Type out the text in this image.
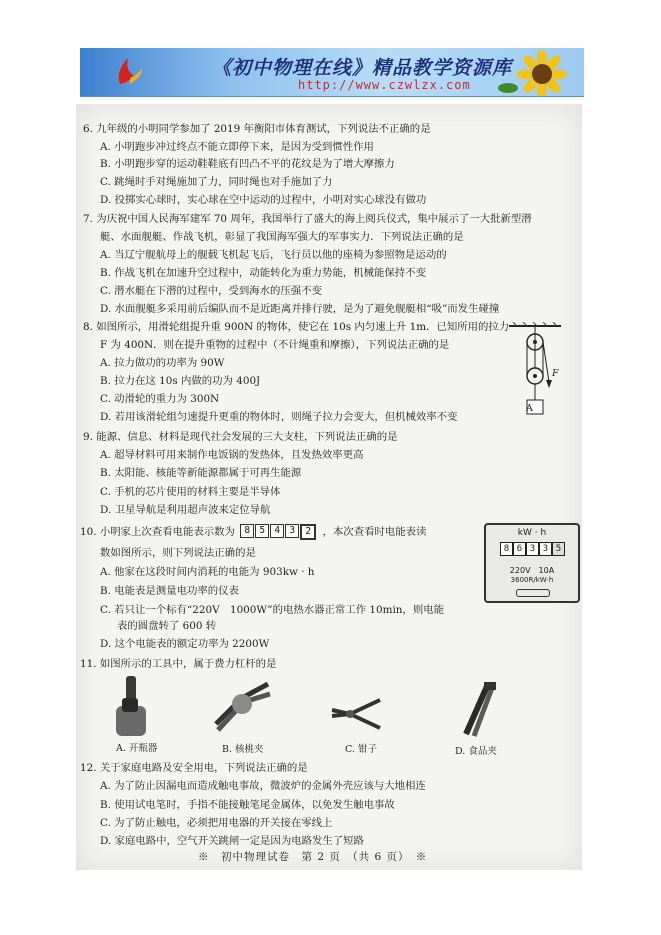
《初中物理在线》精品教学资源库
http://www.czwlzx.com
6. 九年级的小明同学参加了 2019 年衡阳市体育测试，下列说法不正确的是
A. 小明跑步冲过终点不能立即停下来，是因为受到惯性作用
B. 小明跑步穿的运动鞋鞋底有凹凸不平的花纹是为了增大摩擦力
C. 跳绳时手对绳施加了力，同时绳也对手施加了力
D. 投掷实心球时，实心球在空中运动的过程中，小明对实心球没有做功
7. 为庆祝中国人民海军建军 70 周年，我国举行了盛大的海上阅兵仪式，集中展示了一大批新型潜
艇、水面舰艇、作战飞机，彰显了我国海军强大的军事实力．下列说法正确的是
A. 当辽宁舰航母上的舰载飞机起飞后，飞行员以他的座椅为参照物是运动的
B. 作战飞机在加速升空过程中，动能转化为重力势能，机械能保持不变
C. 潜水艇在下潜的过程中，受到海水的压强不变
D. 水面舰艇多采用前后编队而不是近距离并排行驶，是为了避免舰艇相“吸”而发生碰撞
8. 如图所示，用滑轮组提升重 900N 的物体，使它在 10s 内匀速上升 1m．已知所用的拉力
F 为 400N．则在提升重物的过程中（不计绳重和摩擦），下列说法正确的是
A. 拉力做功的功率为 90W
B. 拉力在这 10s 内做的功为 400J
C. 动滑轮的重力为 300N
D. 若用该滑轮组匀速提升更重的物体时，则绳子拉力会变大，但机械效率不变
F
A
9. 能源、信息、材料是现代社会发展的三大支柱，下列说法正确的是
A. 超导材料可用来制作电饭锅的发热体，且发热效率更高
B. 太阳能、核能等新能源都属于可再生能源
C. 手机的芯片使用的材料主要是半导体
D. 卫星导航是利用超声波来定位导航
10. 小明家上次查看电能表示数为 8 5 4 3	2	，本次查看时电能表读
数如图所示，则下列说法正确的是
A. 他家在这段时间内消耗的电能为 903kw · h
B. 电能表是测量电功率的仪表
C. 若只让一个标有“220V　1000W”的电热水器正常工作 10min，则电能
表的圆盘转了 600 转
D. 这个电能表的额定功率为 2200W
kW · h
8 6 3 3 5
220V　10A
3600R/kW·h
11. 如图所示的工具中，属于费力杠杆的是
A. 开瓶器	B. 核桃夹	C. 钳子	D. 食品夹
12. 关于家庭电路及安全用电，下列说法正确的是
A. 为了防止因漏电而造成触电事故，微波炉的金属外壳应该与大地相连
B. 使用试电笔时，手指不能接触笔尾金属体，以免发生触电事故
C. 为了防止触电，必须把用电器的开关接在零线上
D. 家庭电路中，空气开关跳闸一定是因为电路发生了短路
※　初中物理试卷　第 2 页　（共 6 页）　※
